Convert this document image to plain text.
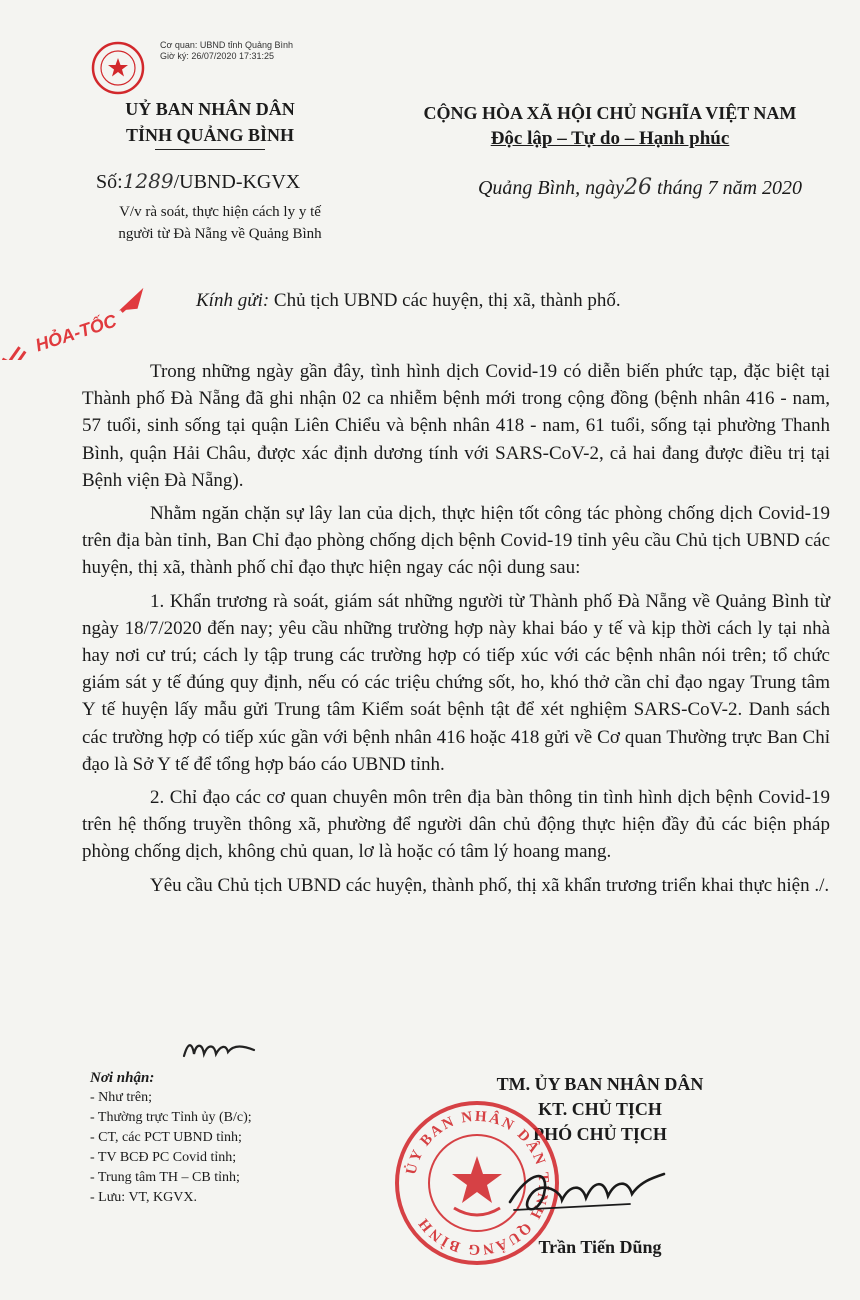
Cơ quan: UBND tỉnh Quảng Bình
Giờ ký: 26/07/2020 17:31:25
UỶ BAN NHÂN DÂN
TỈNH QUẢNG BÌNH
CỘNG HÒA XÃ HỘI CHỦ NGHĨA VIỆT NAM
Độc lập – Tự do – Hạnh phúc
Số:1289/UBND-KGVX
V/v rà soát, thực hiện cách ly y tế
người từ Đà Nẵng về Quảng Bình
Quảng Bình, ngày26 tháng 7 năm 2020
HỎA-TỐC
Kính gửi: Chủ tịch UBND các huyện, thị xã, thành phố.

Trong những ngày gần đây, tình hình dịch Covid-19 có diễn biến phức tạp, đặc biệt tại Thành phố Đà Nẵng đã ghi nhận 02 ca nhiễm bệnh mới trong cộng đồng (bệnh nhân 416 - nam, 57 tuổi, sinh sống tại quận Liên Chiểu và bệnh nhân 418 - nam, 61 tuổi, sống tại phường Thanh Bình, quận Hải Châu, được xác định dương tính với SARS-CoV-2, cả hai đang được điều trị tại Bệnh viện Đà Nẵng).

Nhằm ngăn chặn sự lây lan của dịch, thực hiện tốt công tác phòng chống dịch Covid-19 trên địa bàn tỉnh, Ban Chỉ đạo phòng chống dịch bệnh Covid-19 tỉnh yêu cầu Chủ tịch UBND các huyện, thị xã, thành phố chỉ đạo thực hiện ngay các nội dung sau:

1. Khẩn trương rà soát, giám sát những người từ Thành phố Đà Nẵng về Quảng Bình từ ngày 18/7/2020 đến nay; yêu cầu những trường hợp này khai báo y tế và kịp thời cách ly tại nhà hay nơi cư trú; cách ly tập trung các trường hợp có tiếp xúc với các bệnh nhân nói trên; tổ chức giám sát y tế đúng quy định, nếu có các triệu chứng sốt, ho, khó thở cần chỉ đạo ngay Trung tâm Y tế huyện lấy mẫu gửi Trung tâm Kiểm soát bệnh tật để xét nghiệm SARS-CoV-2. Danh sách các trường hợp có tiếp xúc gần với bệnh nhân 416 hoặc 418 gửi về Cơ quan Thường trực Ban Chỉ đạo là Sở Y tế để tổng hợp báo cáo UBND tỉnh.

2. Chỉ đạo các cơ quan chuyên môn trên địa bàn thông tin tình hình dịch bệnh Covid-19 trên hệ thống truyền thông xã, phường để người dân chủ động thực hiện đầy đủ các biện pháp phòng chống dịch, không chủ quan, lơ là hoặc có tâm lý hoang mang.

Yêu cầu Chủ tịch UBND các huyện, thành phố, thị xã khẩn trương triển khai thực hiện ./.

Nơi nhận:
- Như trên;
- Thường trực Tỉnh ủy (B/c);
- CT, các PCT UBND tỉnh;
- TV BCĐ PC Covid tỉnh;
- Trung tâm TH – CB tỉnh;
- Lưu: VT, KGVX.
TM. ỦY BAN NHÂN DÂN
KT. CHỦ TỊCH
PHÓ CHỦ TỊCH
ỦY BAN NHÂN DÂN TỈNH QUẢNG BÌNH
Trần Tiến Dũng
